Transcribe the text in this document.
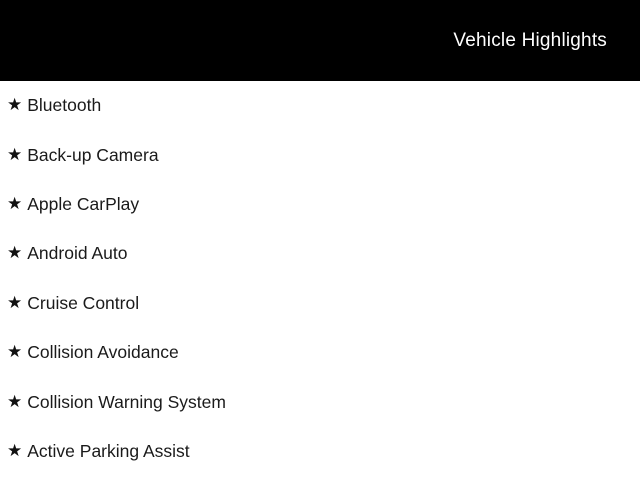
Vehicle Highlights
★ Bluetooth
★ Back-up Camera
★ Apple CarPlay
★ Android Auto
★ Cruise Control
★ Collision Avoidance
★ Collision Warning System
★ Active Parking Assist
